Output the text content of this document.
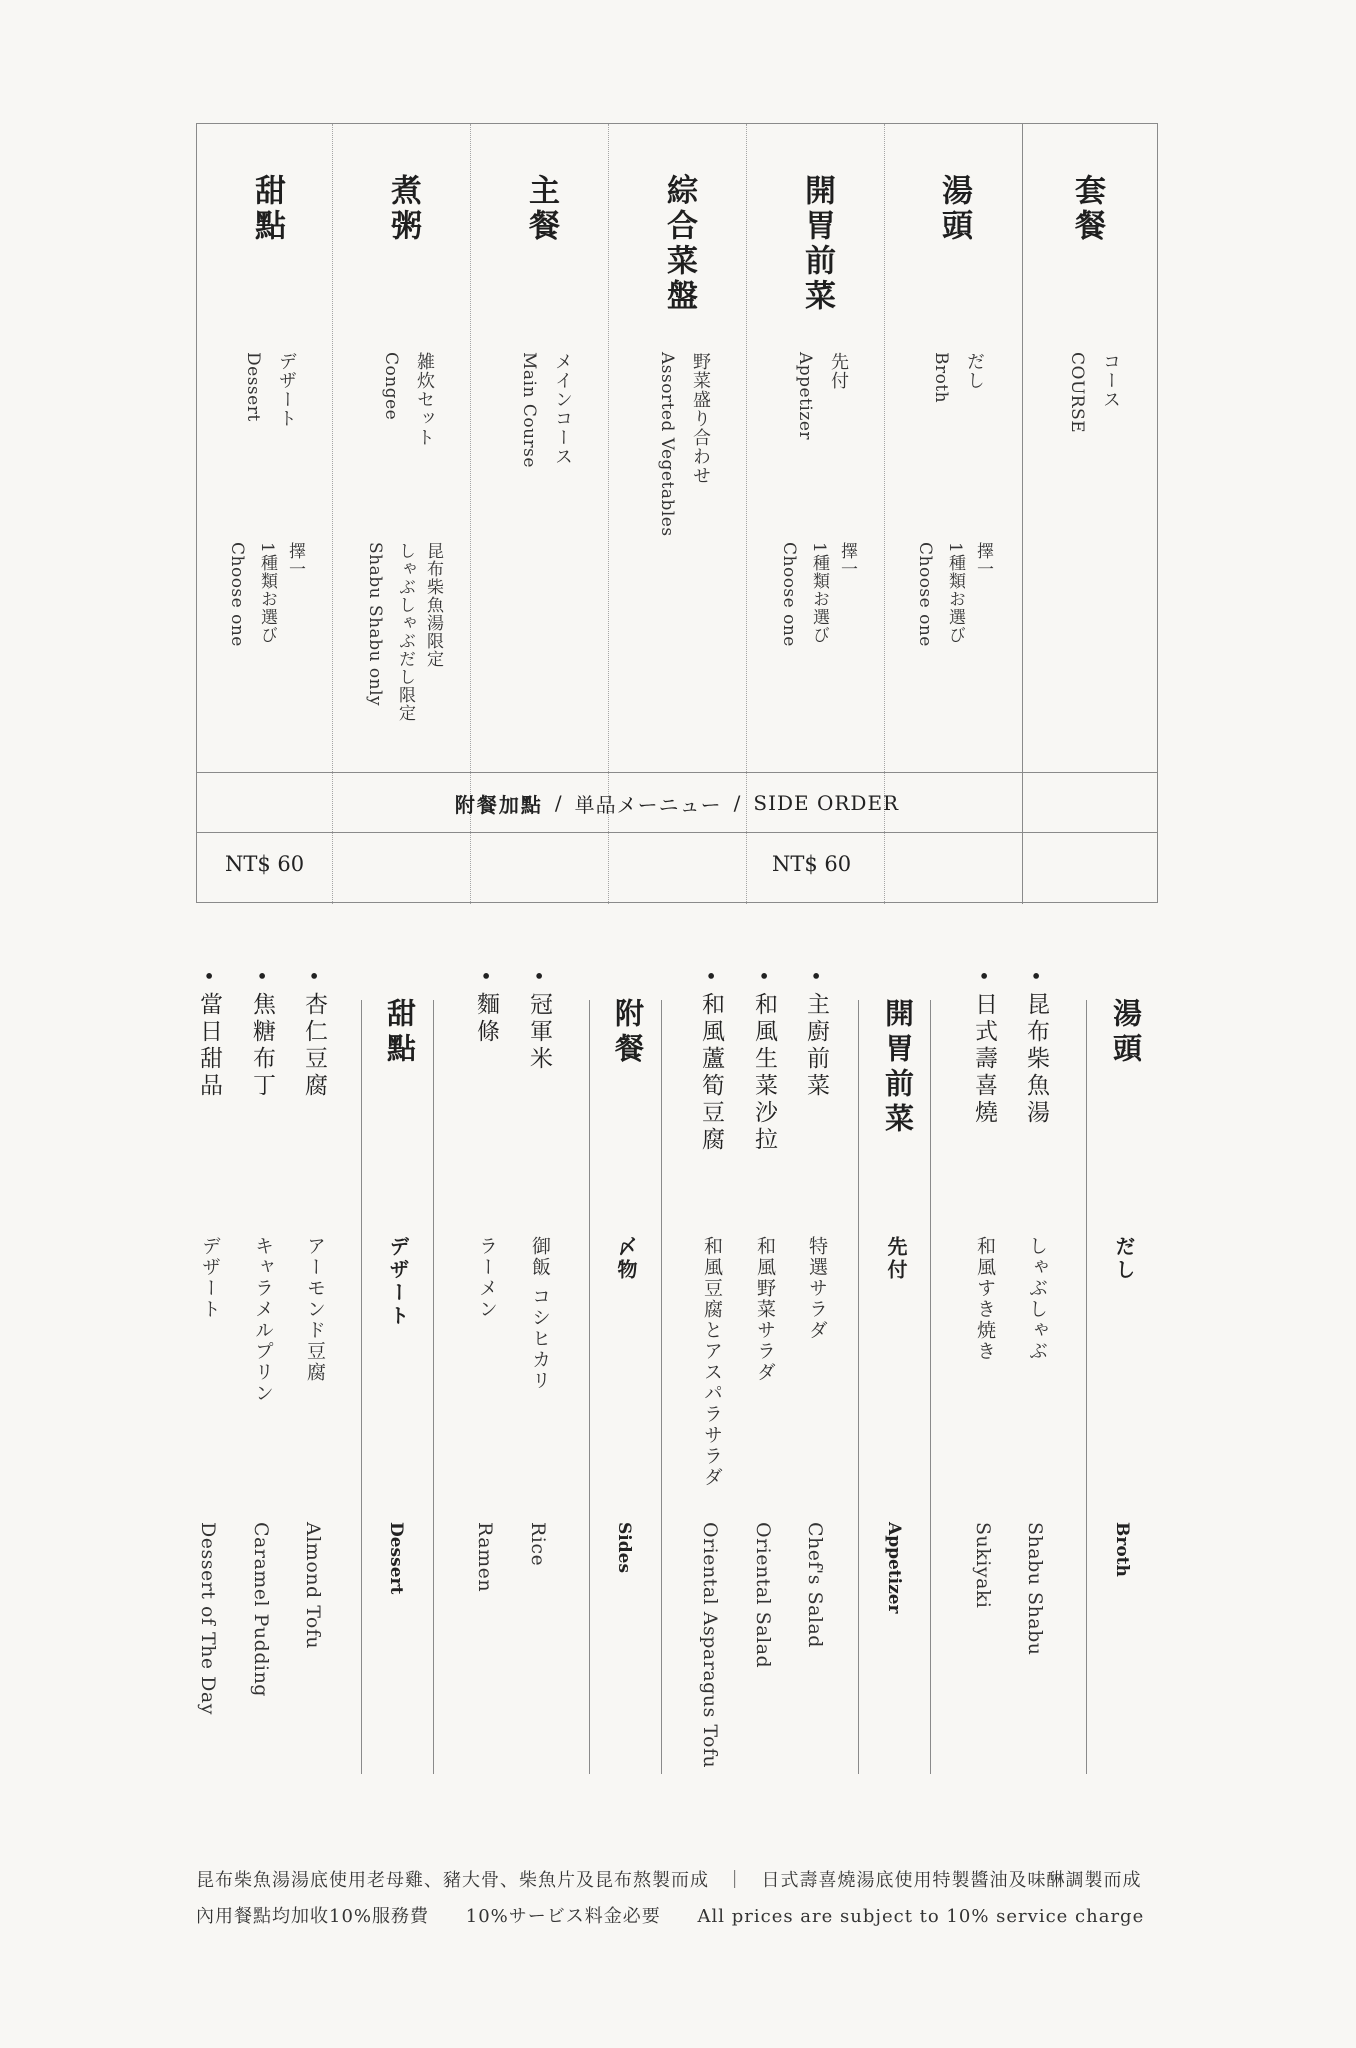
套餐
コース
COURSE
湯頭
だし
Broth
擇一
1種類お選び
Choose one
開胃前菜
先付
Appetizer
擇一
1種類お選び
Choose one
NT$ 60
綜合菜盤
野菜盛り合わせ
Assorted Vegetables
主餐
メインコース
Main Course
煮粥
雑炊セット
Congee
昆布柴魚湯限定
しゃぶしゃぶだし限定
Shabu Shabu only
甜點
デザート
Dessert
擇一
1種類お選び
Choose one
NT$ 60
附餐加點 / 単品メーニュー / SIDE ORDER
湯頭
だし
Broth
• 昆布柴魚湯
しゃぶしゃぶ
Shabu Shabu
• 日式壽喜燒
和風すき焼き
Sukiyaki
開胃前菜
先付
Appetizer
• 主廚前菜
特選サラダ
Chef's Salad
• 和風生菜沙拉
和風野菜サラダ
Oriental Salad
• 和風蘆筍豆腐
和風豆腐とアスパラサラダ
Oriental Asparagus Tofu
附餐
〆物
Sides
• 冠軍米
御飯 コシヒカリ
Rice
• 麵條
ラーメン
Ramen
甜點
デザート
Dessert
• 杏仁豆腐
アーモンド豆腐
Almond Tofu
• 焦糖布丁
キャラメルプリン
Caramel Pudding
• 當日甜品
デザート
Dessert of The Day
昆布柴魚湯湯底使用老母雞、豬大骨、柴魚片及昆布熬製而成 ｜ 日式壽喜燒湯底使用特製醬油及味醂調製而成
內用餐點均加收10%服務費 10%サービス料金必要 All prices are subject to 10% service charge
